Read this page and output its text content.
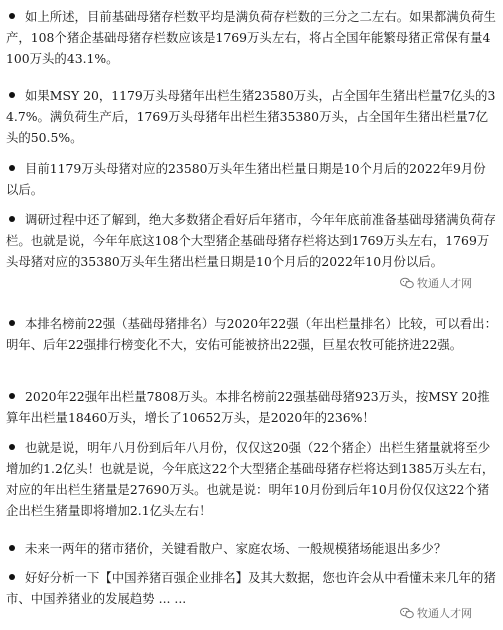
如上所述，目前基础母猪存栏数平均是满负荷存栏数的三分之二左右。如果都满负荷生产，108个猪企基础母猪存栏数应该是1769万头左右，将占全国年能繁母猪正常保有量4100万头的43.1%。

如果MSY 20，1179万头母猪年出栏生猪23580万头，占全国年生猪出栏量7亿头的34.7%。满负荷生产后，1769万头母猪年出栏生猪35380万头，占全国年生猪出栏量7亿头的50.5%。

目前1179万头母猪对应的23580万头年生猪出栏量日期是10个月后的2022年9月份以后。

调研过程中还了解到，绝大多数猪企看好后年猪市，今年年底前准备基础母猪满负荷存栏。也就是说，今年年底这108个大型猪企基础母猪存栏将达到1769万头左右，1769万头母猪对应的35380万头年生猪出栏量日期是10个月后的2022年10月份以后。

本排名榜前22强（基础母猪排名）与2020年22强（年出栏量排名）比较，可以看出：明年、后年22强排行榜变化不大，安佑可能被挤出22强，巨星农牧可能挤进22强。

2020年22强年出栏量7808万头。本排名榜前22强基础母猪923万头，按MSY 20推算年出栏量18460万头，增长了10652万头，是2020年的236%！

也就是说，明年八月份到后年八月份，仅仅这20强（22个猪企）出栏生猪量就将至少增加约1.2亿头！也就是说，今年底这22个大型猪企基础母猪存栏将达到1385万头左右，对应的年出栏生猪量是27690万头。也就是说：明年10月份到后年10月份仅仅这22个猪企出栏生猪量即将增加2.1亿头左右！

未来一两年的猪市猪价，关键看散户、家庭农场、一般规模猪场能退出多少？

好好分析一下【中国养猪百强企业排名】及其大数据，您也许会从中看懂未来几年的猪市、中国养猪业的发展趋势 ... ...

牧通人才网
牧通人才网
